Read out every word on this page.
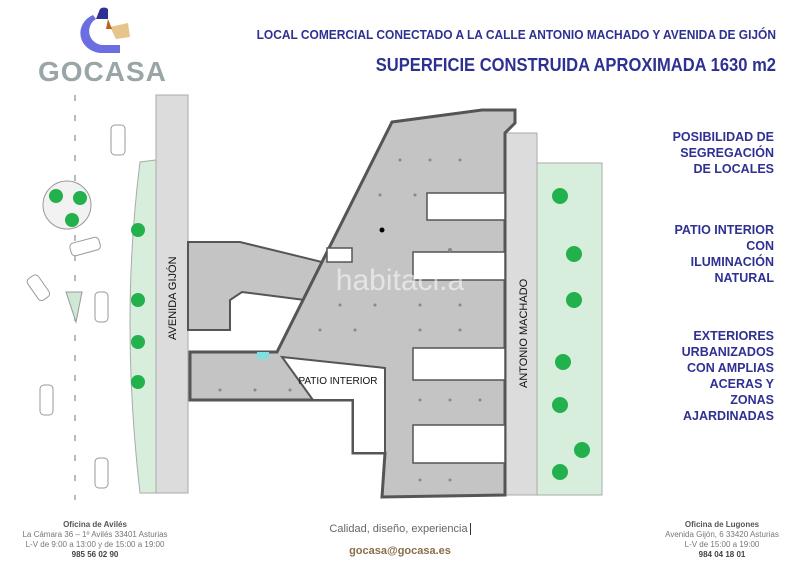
GOCASA
LOCAL COMERCIAL CONECTADO A LA CALLE ANTONIO MACHADO Y AVENIDA DE GIJÓN
SUPERFICIE CONSTRUIDA APROXIMADA 1630 m2
AVENIDA GIJÓN	ANTONIO MACHADO
PATIO INTERIOR
habitacl.a
POSIBILIDAD DE
SEGREGACIÓN
DE LOCALES
PATIO INTERIOR
CON
ILUMINACIÓN
NATURAL
EXTERIORES
URBANIZADOS
CON AMPLIAS
ACERAS Y
ZONAS
AJARDINADAS
Oficina de Avilés
La Cámara 36 – 1º Avilés 33401 Asturias
L-V de 9:00 a 13:00 y de 15:00 a 19:00
985 56 02 90
Calidad, diseño, experiencia
gocasa@gocasa.es
Oficina de Lugones
Avenida Gijón, 6 33420 Asturias
L-V de 15:00 a 19:00
984 04 18 01
